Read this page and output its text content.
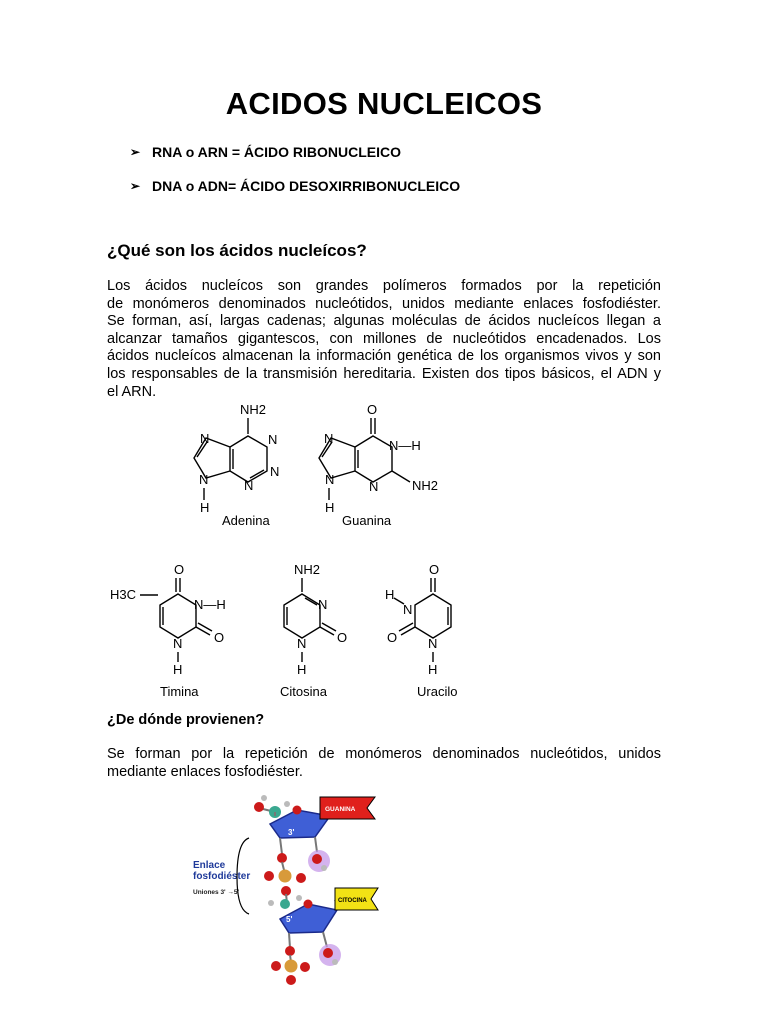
ACIDOS NUCLEICOS
➢ RNA o ARN = ÁCIDO RIBONUCLEICO
➢ DNA o ADN= ÁCIDO DESOXIRRIBONUCLEICO
¿Qué son los ácidos nucleícos?

Los ácidos nucleícos son grandes polímeros formados por la repetición
de monómeros denominados nucleótidos, unidos mediante enlaces fosfodiéster.
Se forman, así, largas cadenas; algunas moléculas de ácidos nucleícos llegan a
alcanzar tamaños gigantescos, con millones de nucleótidos encadenados. Los
ácidos nucleícos almacenan la información genética de los organismos vivos y son
los responsables de la transmisión hereditaria. Existen dos tipos básicos, el ADN y
el ARN.

NH2
N	N
N
N
N
H
Adenina
O
N	N—H
N	NH2
N
H
Guanina
H3C
O
N—H
O
N
H
Timina
NH2
N
O
N
H
Citosina
O
H
N
O N
H
Uracilo
¿De dónde provienen?

Se forman por la repetición de monómeros denominados nucleótidos, unidos
mediante enlaces fosfodiéster.

Enlace
fosfodiéster
Uniones 3' →5'
3'
GUANINA
5'
CITOCINA
